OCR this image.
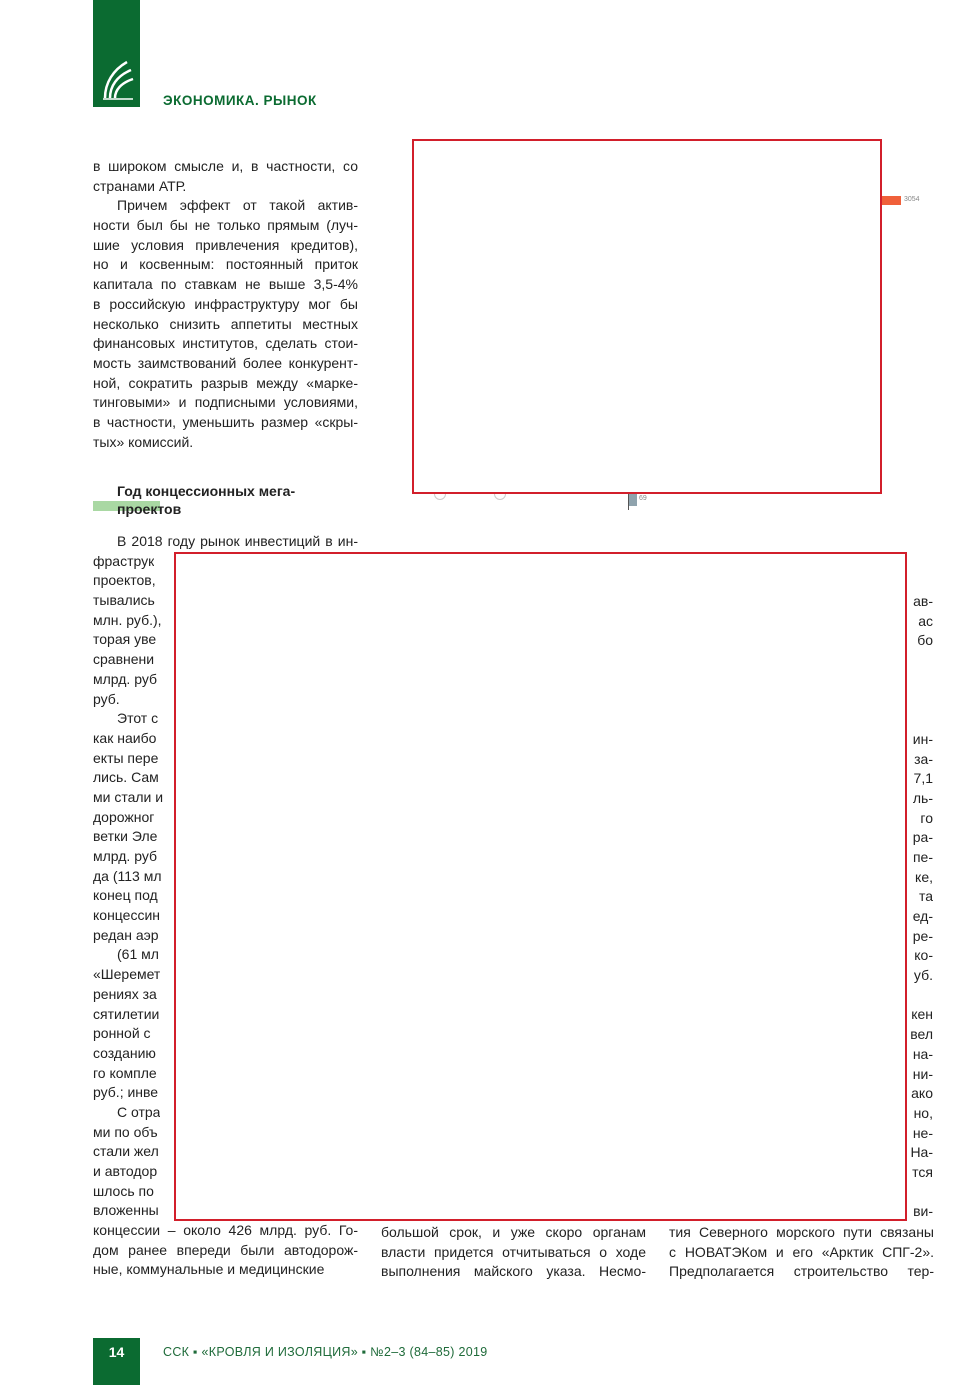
ЭКОНОМИКА. РЫНОК
в широком смысле и, в частности, со
странами АТР.
Причем эффект от такой актив-
ности был бы не только прямым (луч-
шие условия привлечения кредитов),
но и косвенным: постоянный приток
капитала по ставкам не выше 3,5-4%
в российскую инфраструктуру мог бы
несколько снизить аппетиты местных
финансовых институтов, сделать стои-
мость заимствований более конкурент-
ной, сократить разрыв между «марке-
тинговыми» и подписными условиями,
в частности, уменьшить размер «скры-
тых» комиссий.
Год концессионных мега-
проектов
3054
69
В 2018 году рынок инвестиций в ин-
фраструк
проектов,
тывались
млн. руб.),
торая уве
сравнени
млрд. руб
руб.
Этот с
как наибо
екты пере
лись. Сам
ми стали и
дорожног
ветки Эле
млрд. руб
да (113 мл
конец под
концессин
редан аэр
(61 мл
«Шеремет
рениях за
сятилетии
ронной с
созданию
го компле
руб.; инве
С отра
ми по объ
стали жел
и автодор
шлось по
вложенны
концессии – около 426 млрд. руб. Го-
дом ранее впереди были автодорож-
ные, коммунальные и медицинские
ав-
ас
бо
ин-
за-
7,1
ль-
го
ра-
пе-
ке,
та
ед-
ре-
ко-
уб.
кен
вел
на-
ни-
ако
но,
не-
На-
тся
ви-
большой срок, и уже скоро органам
власти придется отчитываться о ходе
выполнения майского указа. Несмо-
тия Северного морского пути связаны
с НОВАТЭКом и его «Арктик СПГ-2».
Предполагается строительство тер-
14	ССК ▪ «КРОВЛЯ И ИЗОЛЯЦИЯ» ▪ №2–3 (84–85) 2019
